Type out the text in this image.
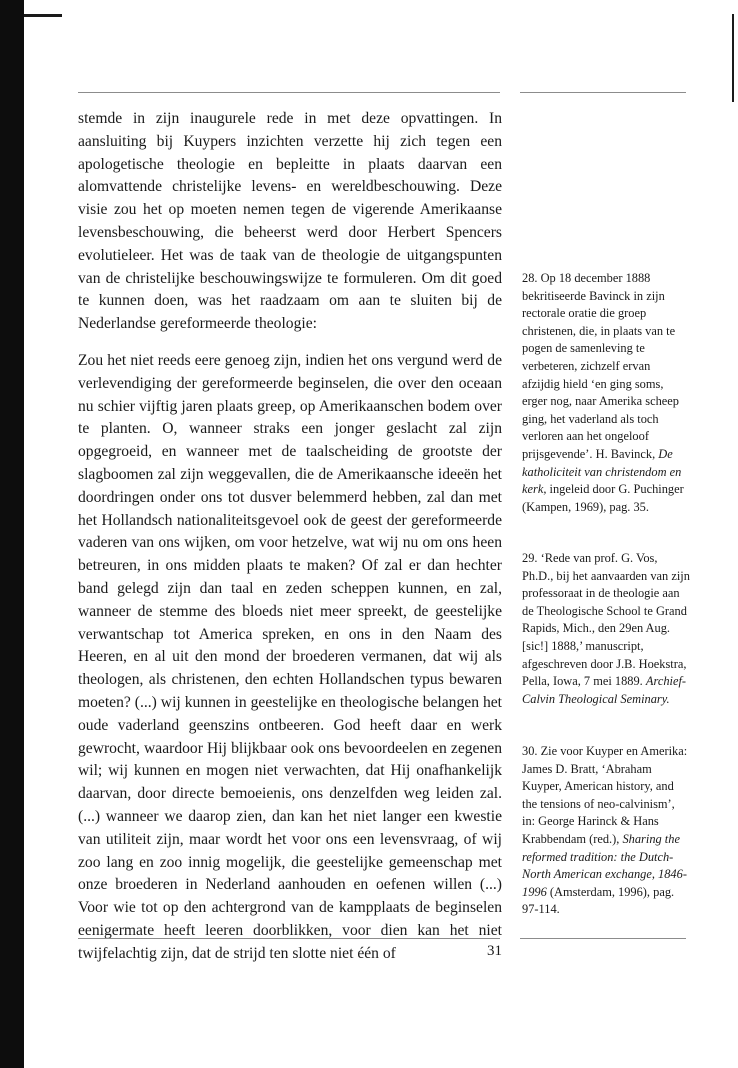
stemde in zijn inaugurele rede in met deze opvattingen. In aansluiting bij Kuypers inzichten verzette hij zich tegen een apologetische theologie en bepleitte in plaats daarvan een alomvattende christelijke levens- en wereldbeschouwing. Deze visie zou het op moeten nemen tegen de vigerende Amerikaanse levensbeschouwing, die beheerst werd door Herbert Spencers evolutieleer. Het was de taak van de theologie de uitgangspunten van de christelijke beschouwingswijze te formuleren. Om dit goed te kunnen doen, was het raadzaam om aan te sluiten bij de Nederlandse gereformeerde theologie:

Zou het niet reeds eere genoeg zijn, indien het ons vergund werd de verlevendiging der gereformeerde beginselen, die over den oceaan nu schier vijftig jaren plaats greep, op Amerikaanschen bodem over te planten. O, wanneer straks een jonger geslacht zal zijn opgegroeid, en wanneer met de taalscheiding de grootste der slagboomen zal zijn weggevallen, die de Amerikaansche ideeën het doordringen onder ons tot dusver belemmerd hebben, zal dan met het Hollandsch nationaliteitsgevoel ook de geest der gereformeerde vaderen van ons wijken, om voor hetzelve, wat wij nu om ons heen betreuren, in ons midden plaats te maken? Of zal er dan hechter band gelegd zijn dan taal en zeden scheppen kunnen, en zal, wanneer de stemme des bloeds niet meer spreekt, de geestelijke verwantschap tot America spreken, en ons in den Naam des Heeren, en al uit den mond der broederen vermanen, dat wij als theologen, als christenen, den echten Hollandschen typus bewaren moeten? (...) wij kunnen in geestelijke en theologische belangen het oude vaderland geenszins ontbeeren. God heeft daar en werk gewrocht, waardoor Hij blijkbaar ook ons bevoordeelen en zegenen wil; wij kunnen en mogen niet verwachten, dat Hij onafhankelijk daarvan, door directe bemoeienis, ons denzelfden weg leiden zal. (...) wanneer we daarop zien, dan kan het niet langer een kwestie van utiliteit zijn, maar wordt het voor ons een levensvraag, of wij zoo lang en zoo innig mogelijk, die geestelijke gemeenschap met onze broederen in Nederland aanhouden en oefenen willen (...) Voor wie tot op den achtergrond van de kampplaats de beginselen eenigermate heeft leeren doorblikken, voor dien kan het niet twijfelachtig zijn, dat de strijd ten slotte niet één of

28. Op 18 december 1888 bekritiseerde Bavinck in zijn rectorale oratie die groep christenen, die, in plaats van te pogen de samenleving te verbeteren, zichzelf ervan afzijdig hield ‘en ging soms, erger nog, naar Amerika scheep ging, het vaderland als toch verloren aan het ongeloof prijsgevende’. H. Bavinck, De katholiciteit van christendom en kerk, ingeleid door G. Puchinger (Kampen, 1969), pag. 35.

29. ‘Rede van prof. G. Vos, Ph.D., bij het aanvaarden van zijn professoraat in de theologie aan de Theologische School te Grand Rapids, Mich., den 29en Aug. [sic!] 1888,’ manuscript, afgeschreven door J.B. Hoekstra, Pella, Iowa, 7 mei 1889. Archief-Calvin Theological Seminary.

30. Zie voor Kuyper en Amerika: James D. Bratt, ‘Abraham Kuyper, American history, and the tensions of neo-calvinism’, in: George Harinck & Hans Krabbendam (red.), Sharing the reformed tradition: the Dutch-North American exchange, 1846-1996 (Amsterdam, 1996), pag. 97-114.

31
